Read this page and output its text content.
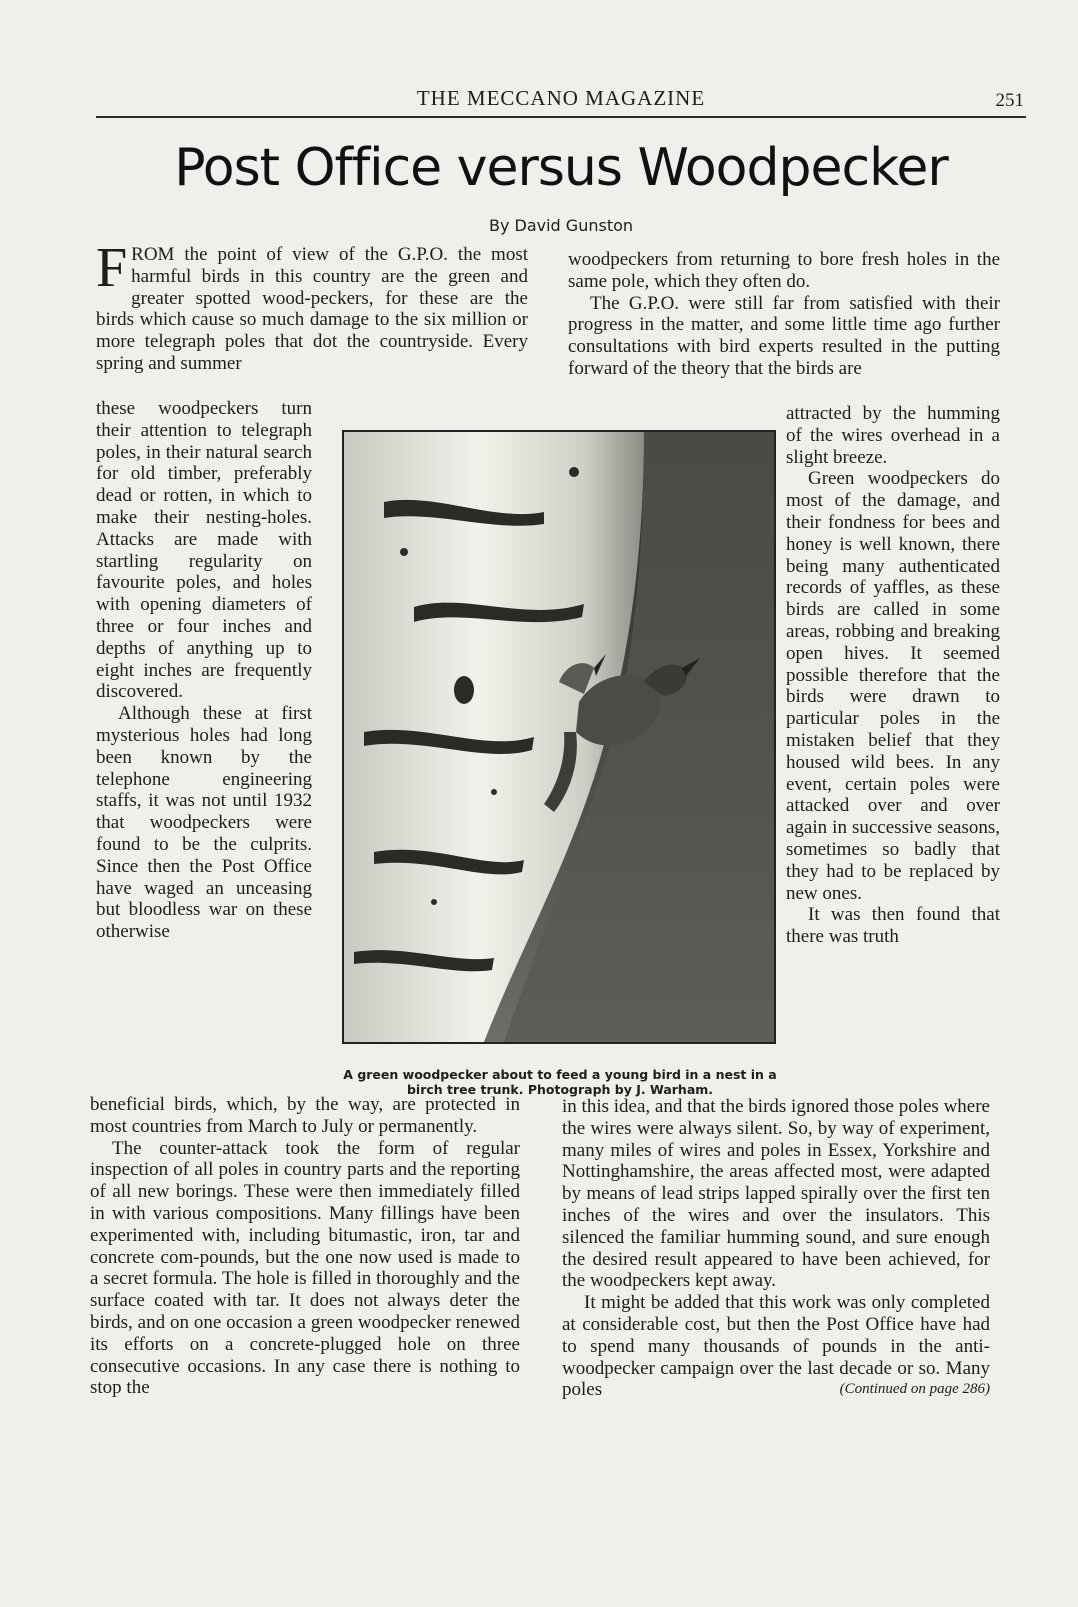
THE MECCANO MAGAZINE	251
Post Office versus Woodpecker
By David Gunston

FROM the point of view of the G.P.O. the most harmful birds in this country are the green and greater spotted wood-peckers, for these are the birds which cause so much damage to the six million or more telegraph poles that dot the countryside. Every spring and summer

these woodpeckers turn their attention to telegraph poles, in their natural search for old timber, preferably dead or rotten, in which to make their nesting-holes. Attacks are made with startling regularity on favourite poles, and holes with opening diameters of three or four inches and depths of anything up to eight inches are frequently discovered.

Although these at first mysterious holes had long been known by the telephone engineering staffs, it was not until 1932 that woodpeckers were found to be the culprits. Since then the Post Office have waged an unceasing but bloodless war on these otherwise

beneficial birds, which, by the way, are protected in most countries from March to July or permanently.

The counter-attack took the form of regular inspection of all poles in country parts and the reporting of all new borings. These were then immediately filled in with various compositions. Many fillings have been experimented with, including bitumastic, iron, tar and concrete com-pounds, but the one now used is made to a secret formula. The hole is filled in thoroughly and the surface coated with tar. It does not always deter the birds, and on one occasion a green woodpecker renewed its efforts on a concrete-plugged hole on three consecutive occasions. In any case there is nothing to stop the

woodpeckers from returning to bore fresh holes in the same pole, which they often do.

The G.P.O. were still far from satisfied with their progress in the matter, and some little time ago further consultations with bird experts resulted in the putting forward of the theory that the birds are

attracted by the humming of the wires overhead in a slight breeze.

Green woodpeckers do most of the damage, and their fondness for bees and honey is well known, there being many authenticated records of yaffles, as these birds are called in some areas, robbing and breaking open hives. It seemed possible therefore that the birds were drawn to particular poles in the mistaken belief that they housed wild bees. In any event, certain poles were attacked over and over again in successive seasons, sometimes so badly that they had to be replaced by new ones.

It was then found that there was truth

in this idea, and that the birds ignored those poles where the wires were always silent. So, by way of experiment, many miles of wires and poles in Essex, Yorkshire and Nottinghamshire, the areas affected most, were adapted by means of lead strips lapped spirally over the first ten inches of the wires and over the insulators. This silenced the familiar humming sound, and sure enough the desired result appeared to have been achieved, for the woodpeckers kept away.

It might be added that this work was only completed at considerable cost, but then the Post Office have had to spend many thousands of pounds in the anti-woodpecker campaign over the last decade or so. Many poles	(Continued on page 286)

A green woodpecker about to feed a young bird in a nest in a birch tree trunk. Photograph by J. Warham.
